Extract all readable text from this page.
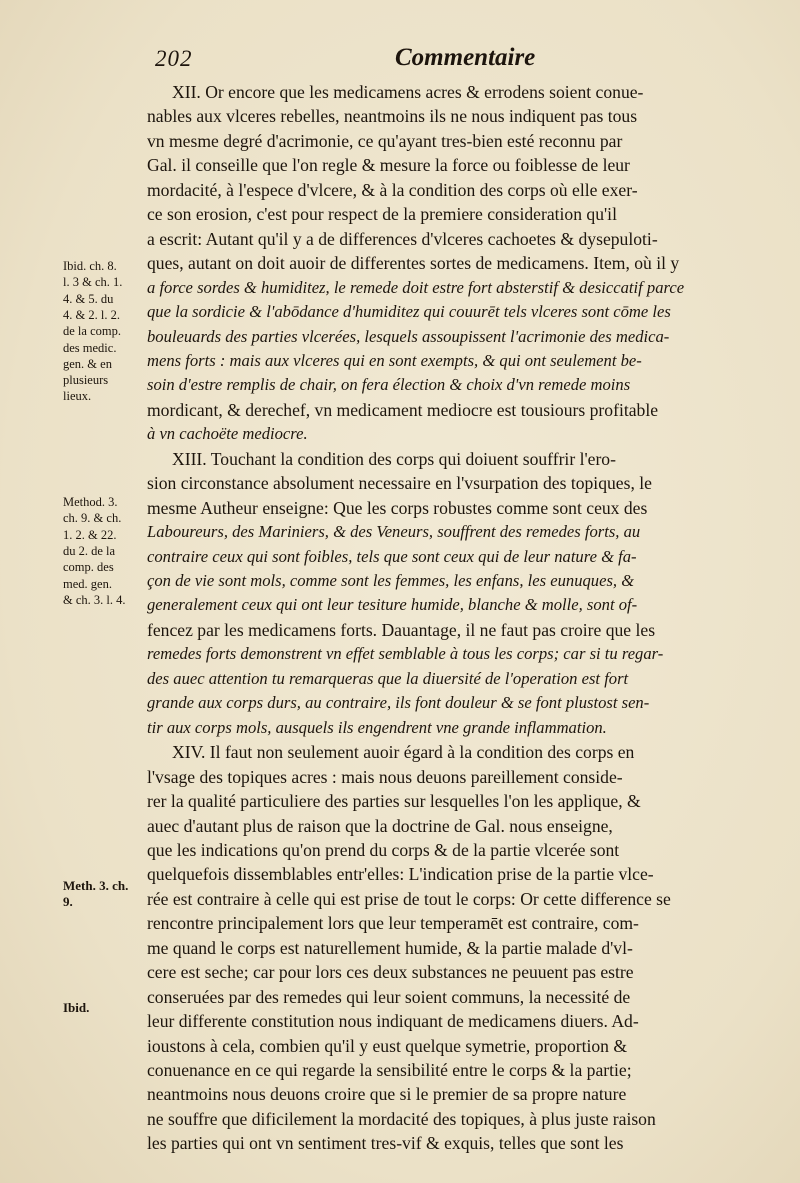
202	Commentaire
XII. Or encore que les medicamens acres & errodens soient conue-
nables aux vlceres rebelles, neantmoins ils ne nous indiquent pas tous
vn mesme degré d'acrimonie, ce qu'ayant tres-bien esté reconnu par
Gal. il conseille que l'on regle & mesure la force ou foiblesse de leur
mordacité, à l'espece d'vlcere, & à la condition des corps où elle exer-
ce son erosion, c'est pour respect de la premiere consideration qu'il
a escrit: Autant qu'il y a de differences d'vlceres cachoetes & dysepuloti-
ques, autant on doit auoir de differentes sortes de medicamens. Item, où il y
a force sordes & humiditez, le remede doit estre fort absterstif & desiccatif parce
que la sordicie & l'abōdance d'humiditez qui couurēt tels vlceres sont cōme les
bouleuards des parties vlcerées, lesquels assoupissent l'acrimonie des medica-
mens forts : mais aux vlceres qui en sont exempts, & qui ont seulement be-
soin d'estre remplis de chair, on fera élection & choix d'vn remede moins
mordicant, & derechef, vn medicament mediocre est tousiours profitable
à vn cachoëte mediocre.
XIII. Touchant la condition des corps qui doiuent souffrir l'ero-
sion circonstance absolument necessaire en l'vsurpation des topiques, le
mesme Autheur enseigne: Que les corps robustes comme sont ceux des
Laboureurs, des Mariniers, & des Veneurs, souffrent des remedes forts, au
contraire ceux qui sont foibles, tels que sont ceux qui de leur nature & fa-
çon de vie sont mols, comme sont les femmes, les enfans, les eunuques, &
generalement ceux qui ont leur tesiture humide, blanche & molle, sont of-
fencez par les medicamens forts. Dauantage, il ne faut pas croire que les
remedes forts demonstrent vn effet semblable à tous les corps; car si tu regar-
des auec attention tu remarqueras que la diuersité de l'operation est fort
grande aux corps durs, au contraire, ils font douleur & se font plustost sen-
tir aux corps mols, ausquels ils engendrent vne grande inflammation.
XIV. Il faut non seulement auoir égard à la condition des corps en
l'vsage des topiques acres : mais nous deuons pareillement conside-
rer la qualité particuliere des parties sur lesquelles l'on les applique, &
auec d'autant plus de raison que la doctrine de Gal. nous enseigne,
que les indications qu'on prend du corps & de la partie vlcerée sont
quelquefois dissemblables entr'elles: L'indication prise de la partie vlce-
rée est contraire à celle qui est prise de tout le corps: Or cette difference se
rencontre principalement lors que leur temperamēt est contraire, com-
me quand le corps est naturellement humide, & la partie malade d'vl-
cere est seche; car pour lors ces deux substances ne peuuent pas estre
conseruées par des remedes qui leur soient communs, la necessité de
leur differente constitution nous indiquant de medicamens diuers. Ad-
ioustons à cela, combien qu'il y eust quelque symetrie, proportion &
conuenance en ce qui regarde la sensibilité entre le corps & la partie;
neantmoins nous deuons croire que si le premier de sa propre nature
ne souffre que dificilement la mordacité des topiques, à plus juste raison
les parties qui ont vn sentiment tres-vif & exquis, telles que sont les
Ibid. ch. 8.
l. 3 & ch. 1.
4. & 5. du
4. & 2. l. 2.
de la comp.
des medic.
gen. & en
plusieurs
lieux.
Method. 3.
ch. 9. & ch.
1. 2. & 22.
du 2. de la
comp. des
med. gen.
& ch. 3. l. 4.
Meth. 3. ch.
9.
Ibid.
